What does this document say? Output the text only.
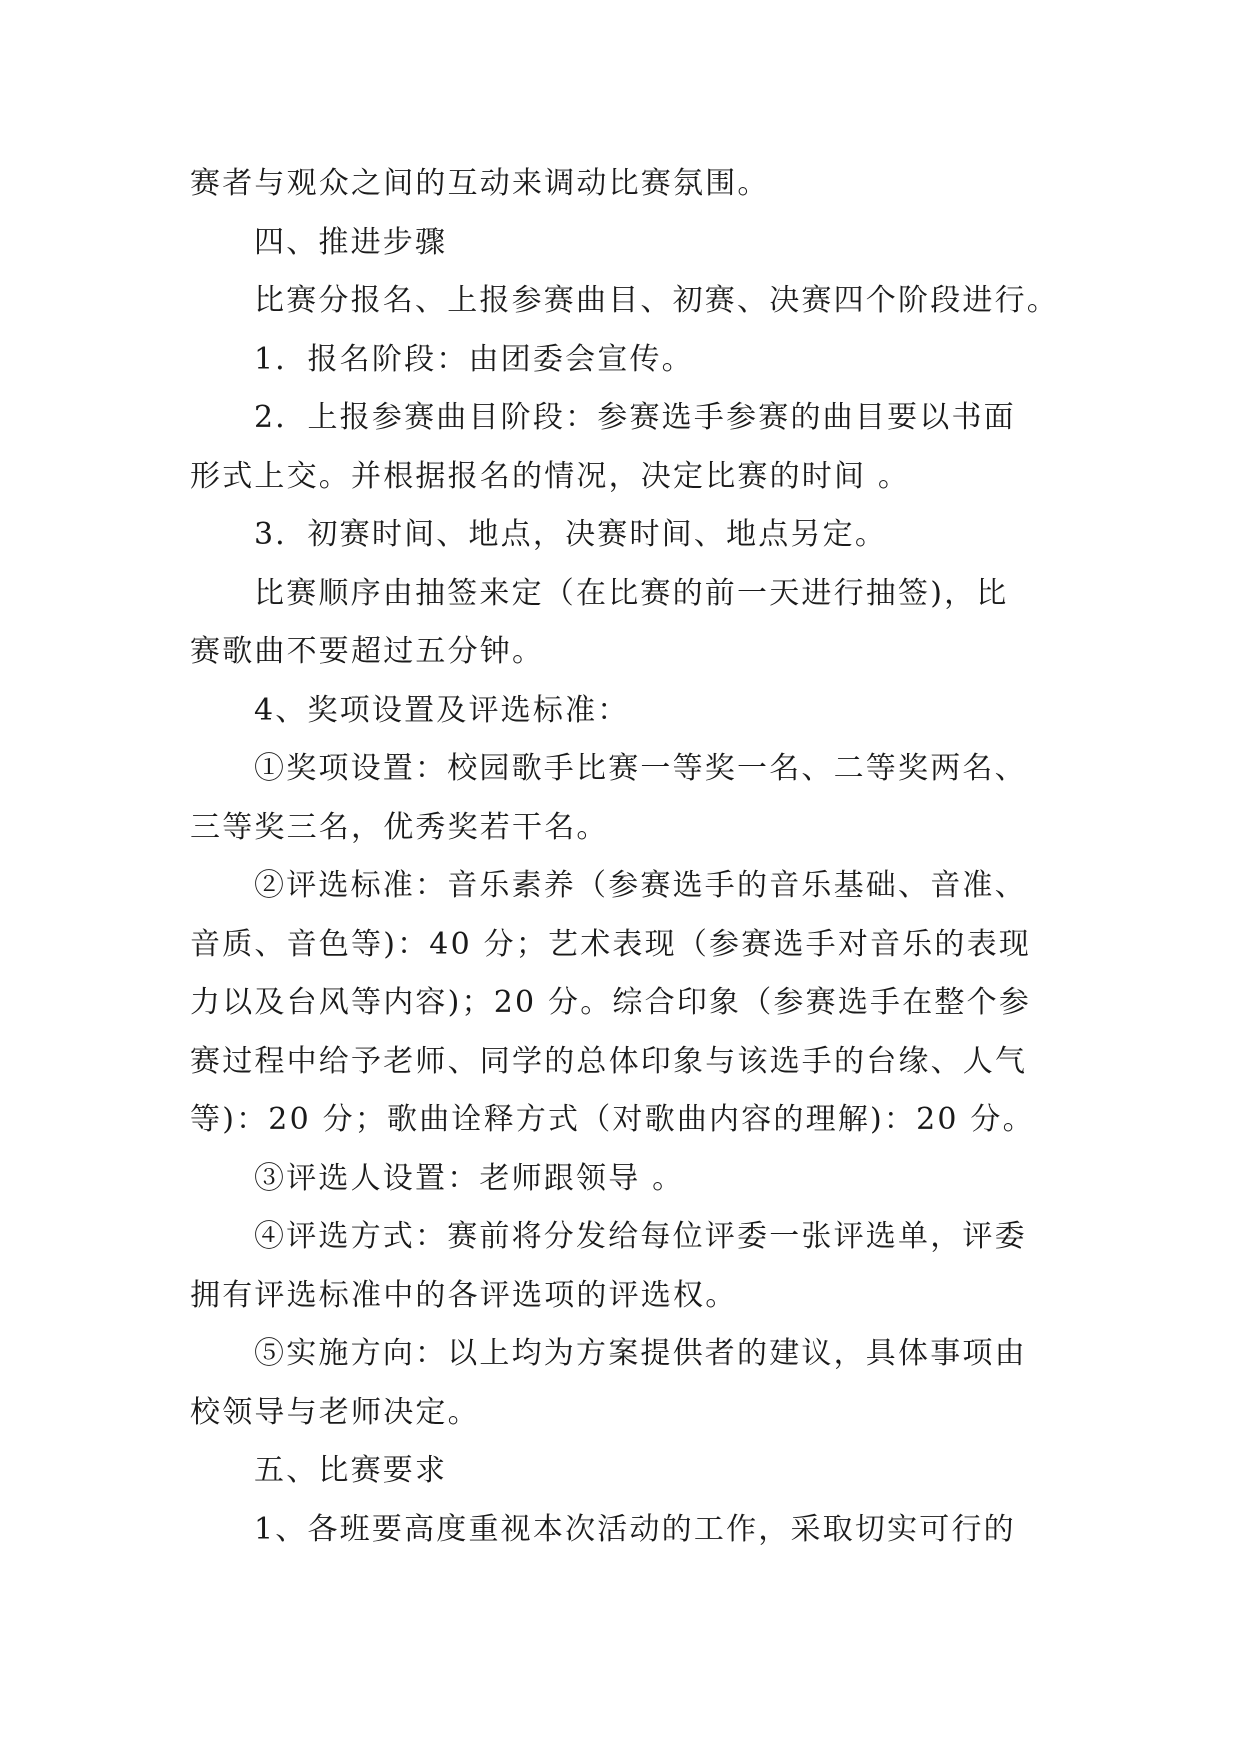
赛者与观众之间的互动来调动比赛氛围。
四、推进步骤
比赛分报名、上报参赛曲目、初赛、决赛四个阶段进行。
1．报名阶段：由团委会宣传。
2．上报参赛曲目阶段：参赛选手参赛的曲目要以书面
形式上交。并根据报名的情况，决定比赛的时间 。
3．初赛时间、地点，决赛时间、地点另定。
比赛顺序由抽签来定（在比赛的前一天进行抽签)，比
赛歌曲不要超过五分钟。
4、奖项设置及评选标准：
①奖项设置：校园歌手比赛一等奖一名、二等奖两名、
三等奖三名，优秀奖若干名。
②评选标准：音乐素养（参赛选手的音乐基础、音准、
音质、音色等)：40 分；艺术表现（参赛选手对音乐的表现
力以及台风等内容)；20 分。综合印象（参赛选手在整个参
赛过程中给予老师、同学的总体印象与该选手的台缘、人气
等)：20 分；歌曲诠释方式（对歌曲内容的理解)：20 分。
③评选人设置：老师跟领导 。
④评选方式：赛前将分发给每位评委一张评选单，评委
拥有评选标准中的各评选项的评选权。
⑤实施方向：以上均为方案提供者的建议，具体事项由
校领导与老师决定。
五、比赛要求
1、各班要高度重视本次活动的工作，采取切实可行的
